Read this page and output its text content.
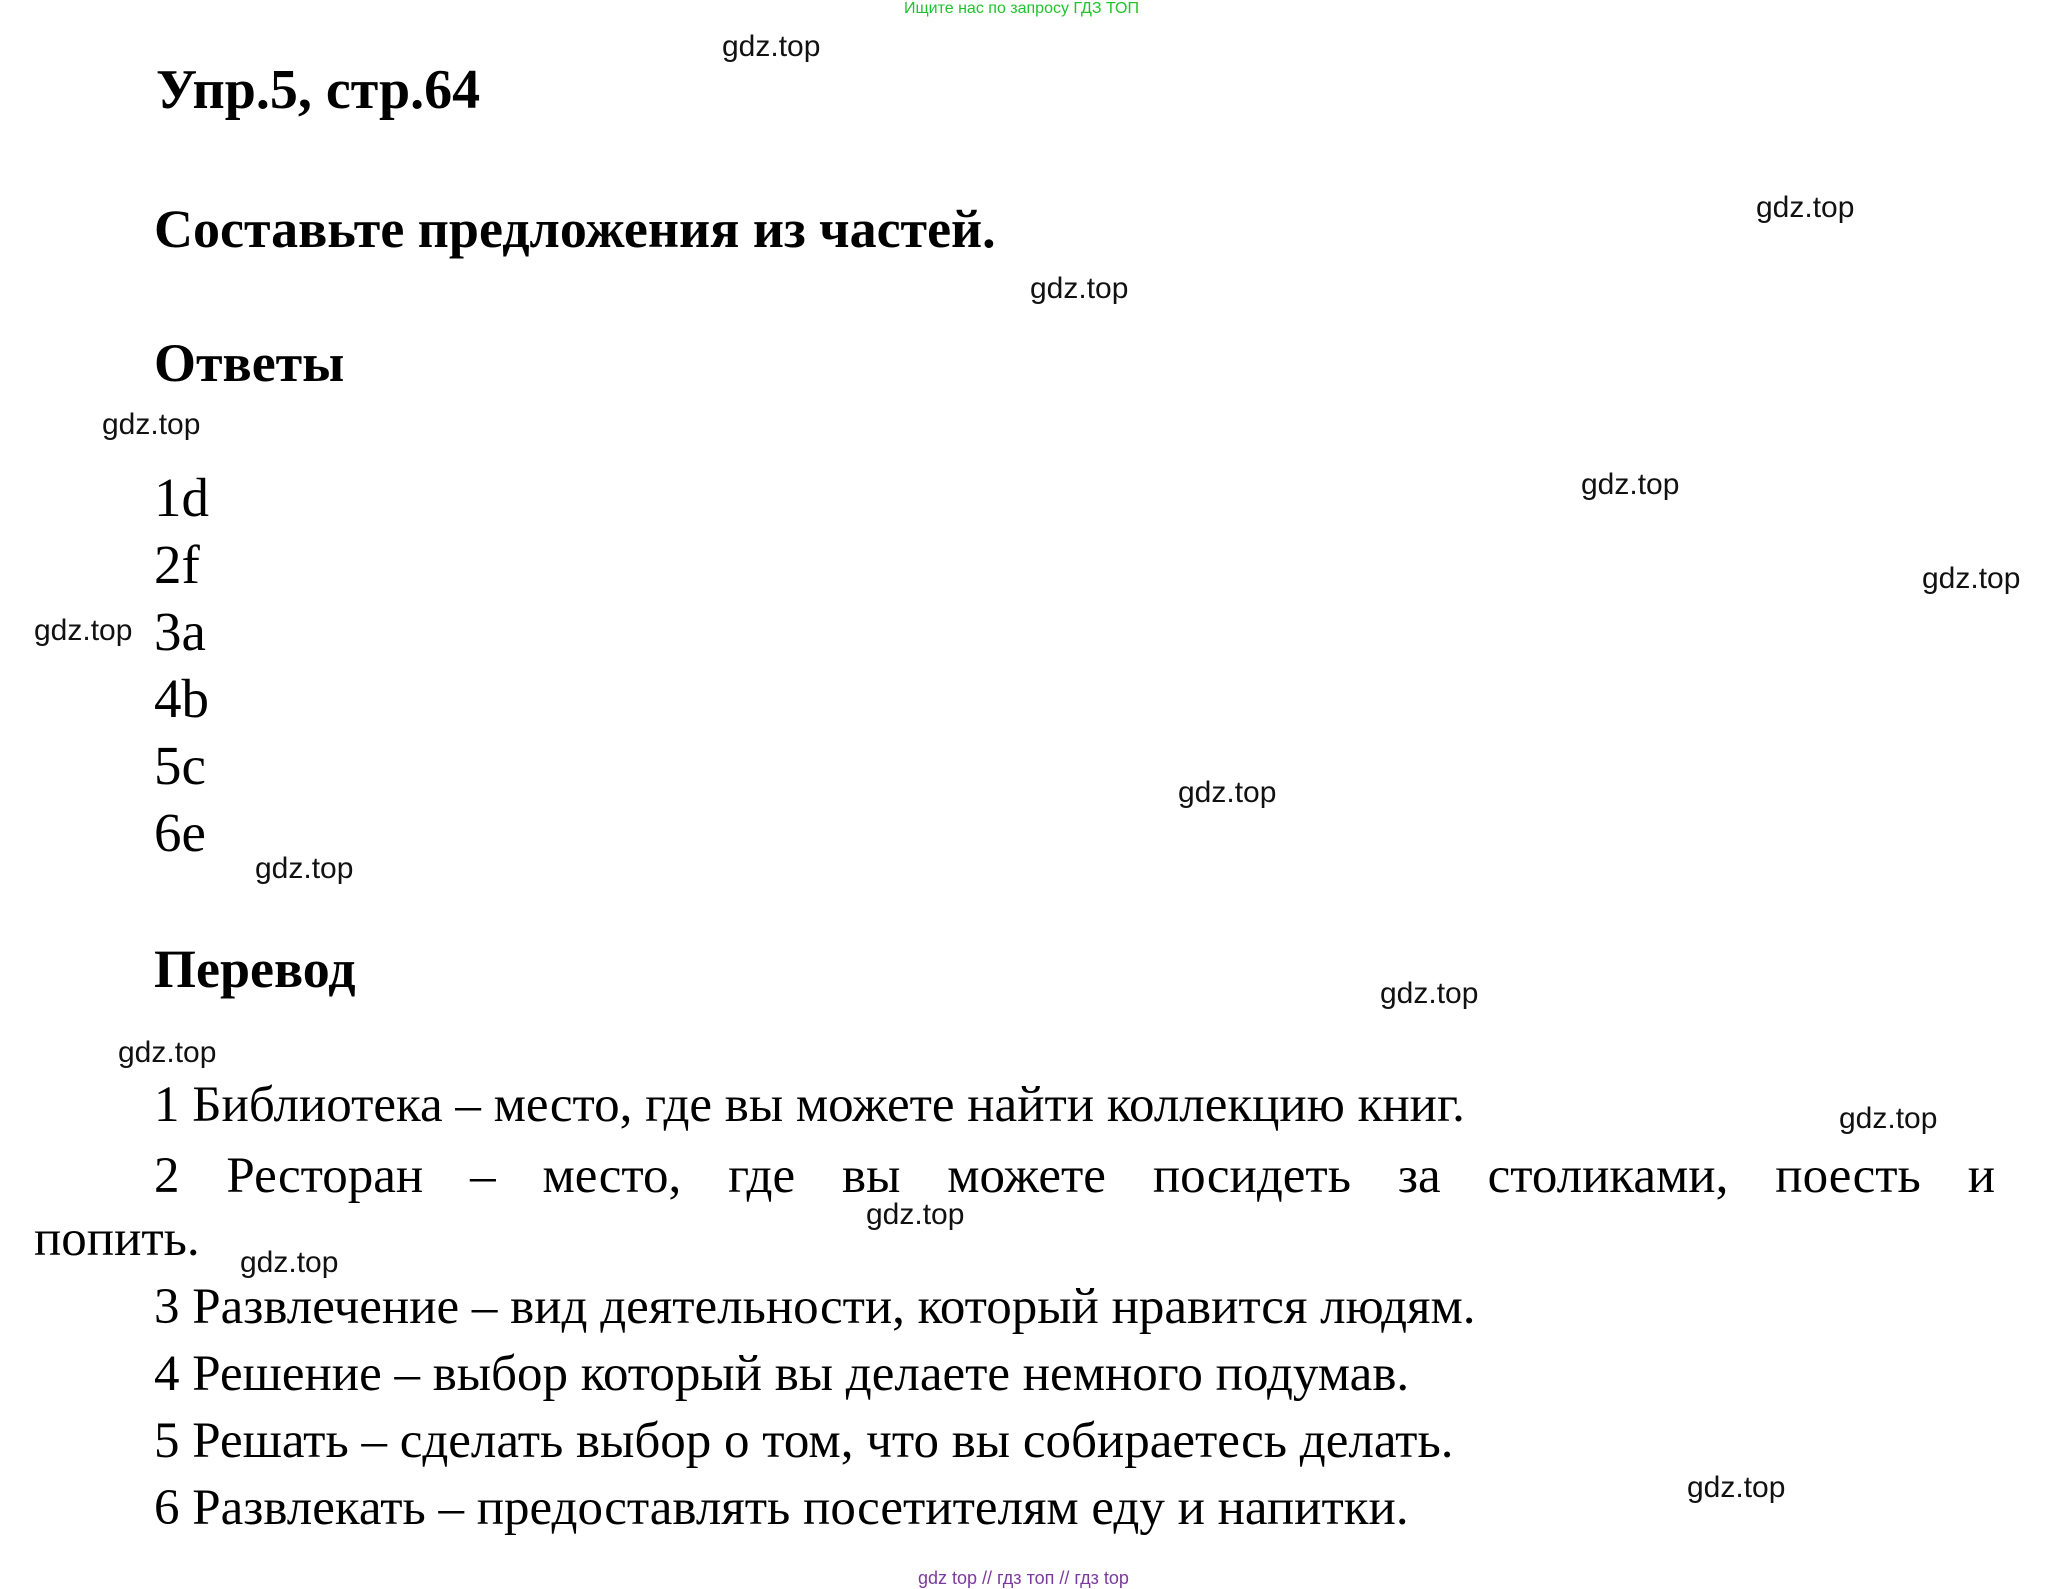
Ищите нас по запросу ГДЗ ТОП
Упр.5, стр.64
Составьте предложения из частей.
Ответы
1d
2f
3a
4b
5c
6e
Перевод
1 Библиотека – место, где вы можете найти коллекцию книг.
2 Ресторан – место, где вы можете посидеть за столиками, поесть и
попить.
3 Развлечение – вид деятельности, который нравится людям.
4 Решение – выбор который вы делаете немного подумав.
5 Решать – сделать выбор о том, что вы собираетесь делать.
6 Развлекать – предоставлять посетителям еду и напитки.
gdz.top
gdz.top
gdz.top
gdz.top
gdz.top
gdz.top
gdz.top
gdz.top
gdz.top
gdz.top
gdz.top
gdz.top
gdz.top
gdz.top
gdz.top
gdz top // гдз топ // гдз top
